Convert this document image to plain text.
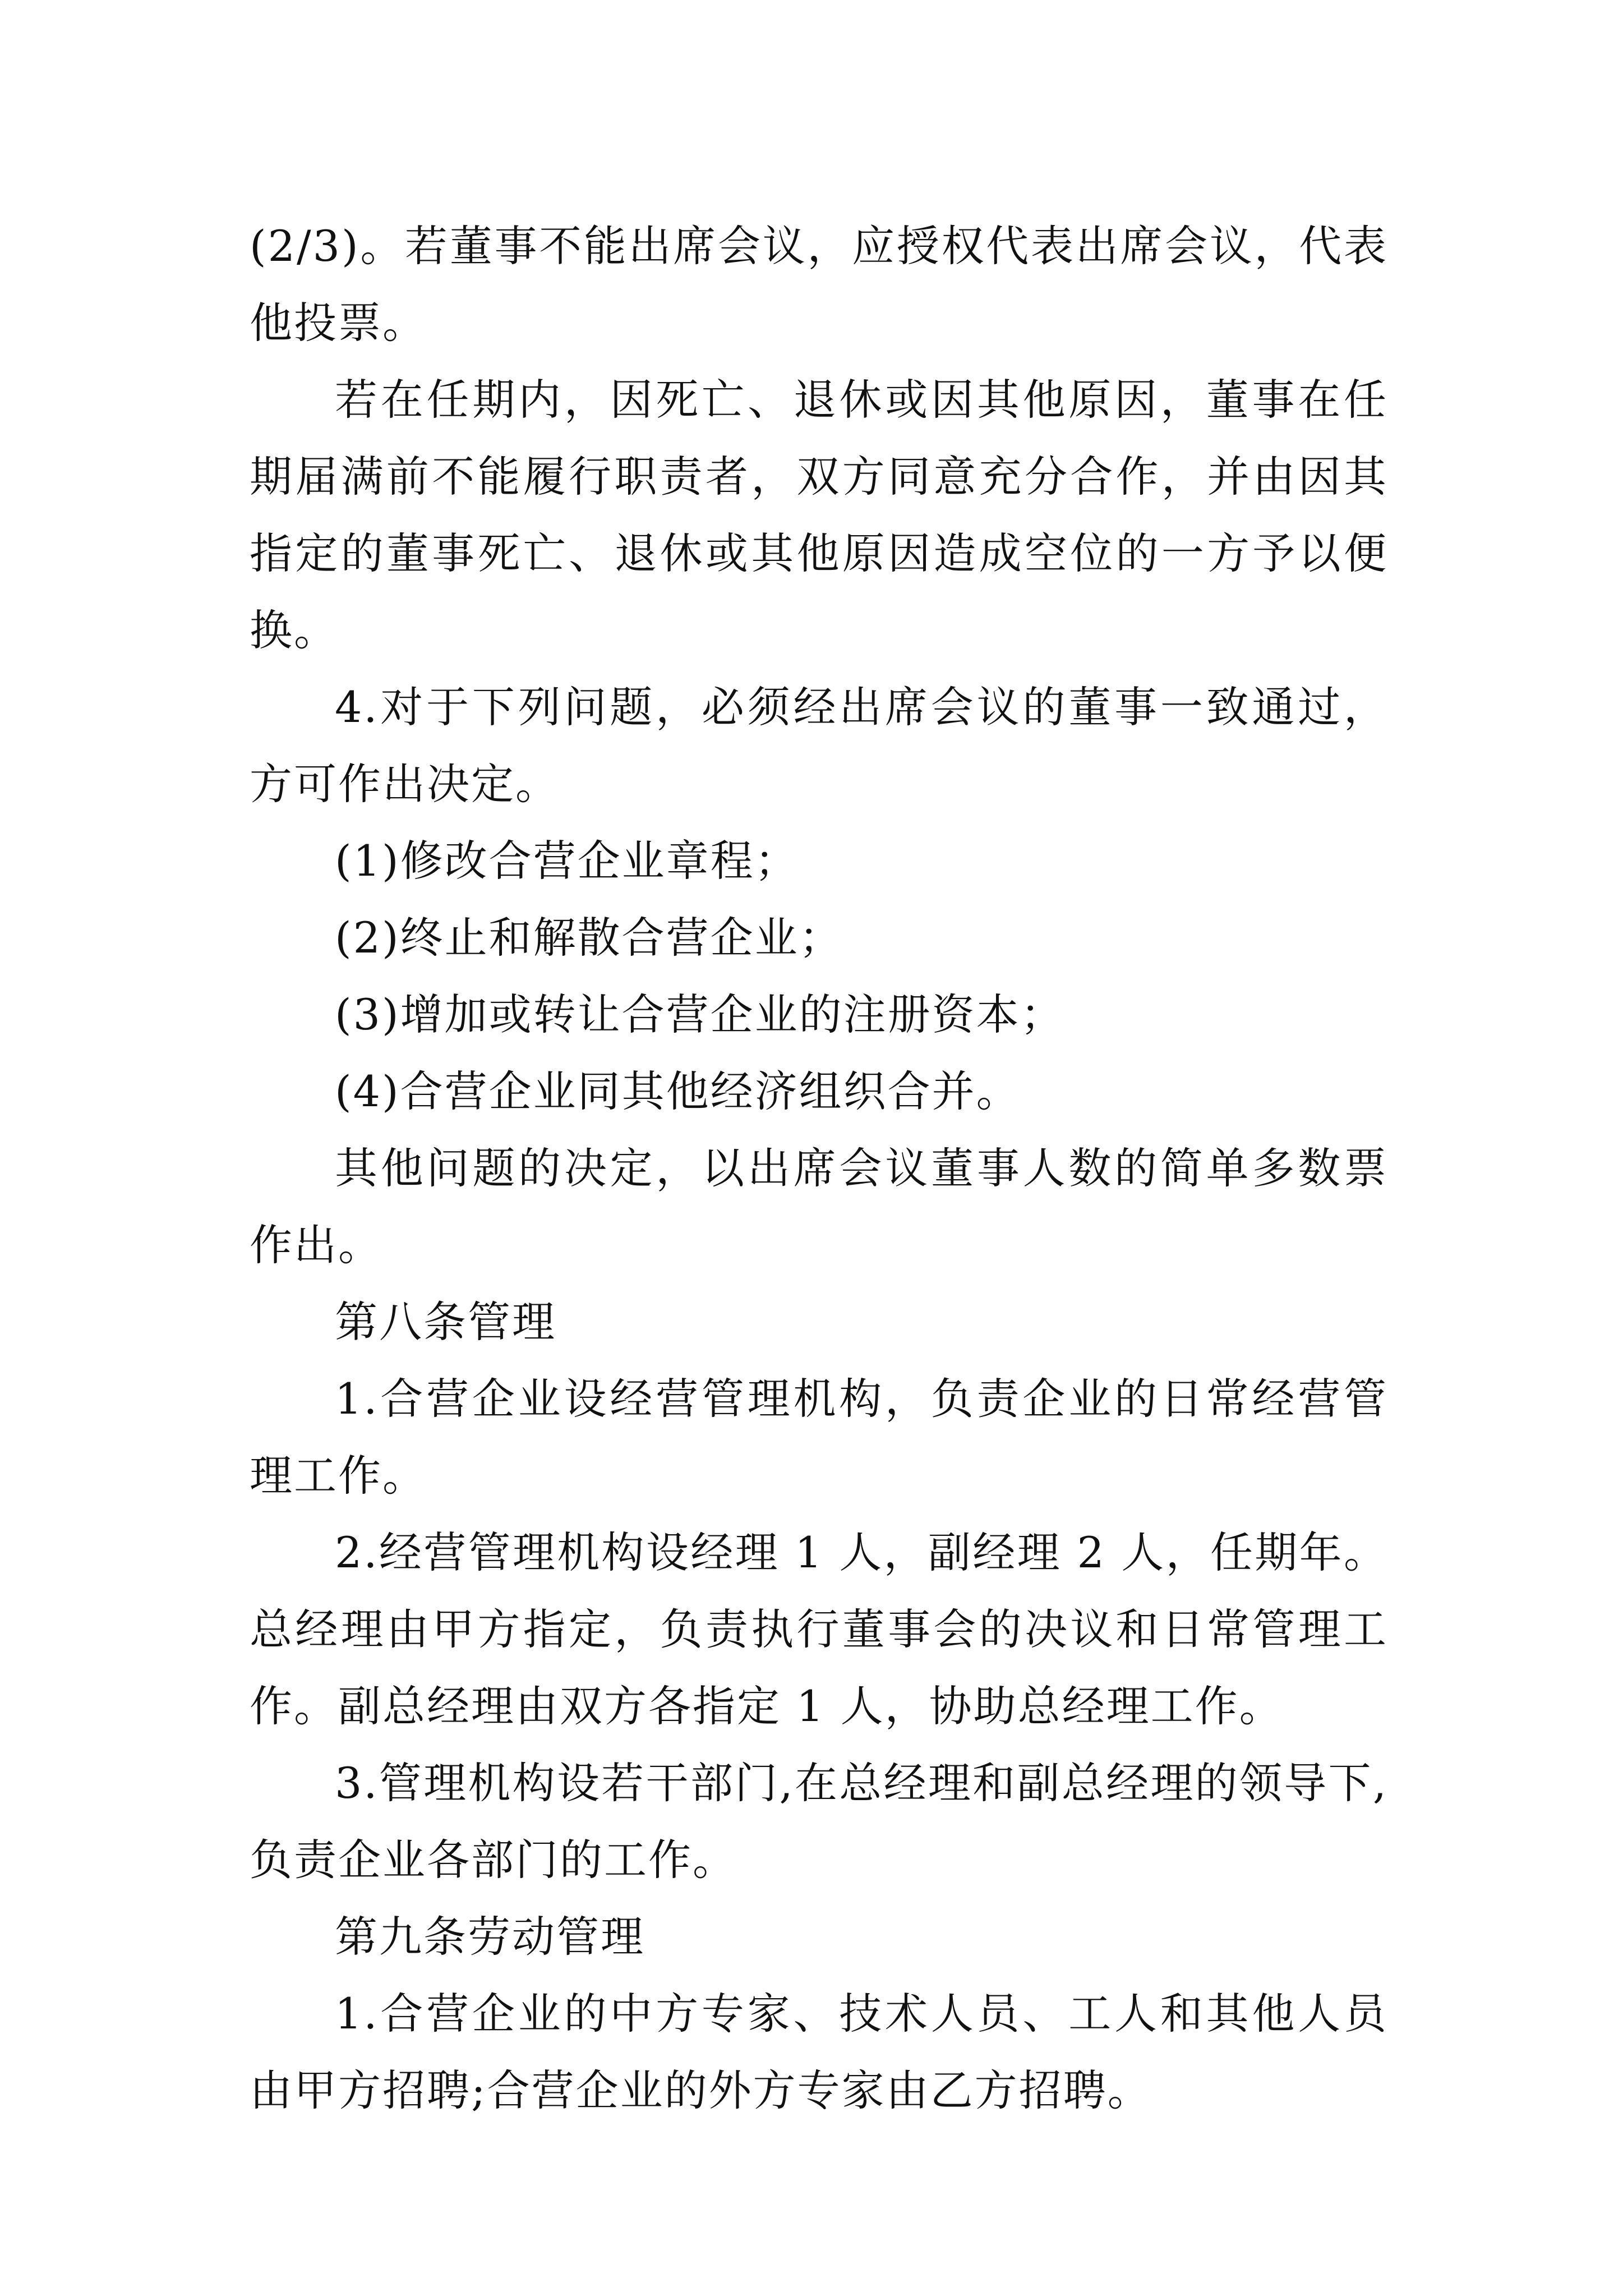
(2/3)。若董事不能出席会议，应授权代表出席会议，代表他投票。

若在任期内，因死亡、退休或因其他原因，董事在任期届满前不能履行职责者，双方同意充分合作，并由因其指定的董事死亡、退休或其他原因造成空位的一方予以便换。

4.对于下列问题，必须经出席会议的董事一致通过，方可作出决定。

(1)修改合营企业章程；

(2)终止和解散合营企业；

(3)增加或转让合营企业的注册资本；

(4)合营企业同其他经济组织合并。

其他问题的决定，以出席会议董事人数的简单多数票作出。

第八条管理

1.合营企业设经营管理机构，负责企业的日常经营管理工作。

2.经营管理机构设经理 1 人，副经理 2 人，任期年。总经理由甲方指定，负责执行董事会的决议和日常管理工作。副总经理由双方各指定 1 人，协助总经理工作。

3.管理机构设若干部门,在总经理和副总经理的领导下,负责企业各部门的工作。

第九条劳动管理

1.合营企业的中方专家、技术人员、工人和其他人员由甲方招聘;合营企业的外方专家由乙方招聘。
